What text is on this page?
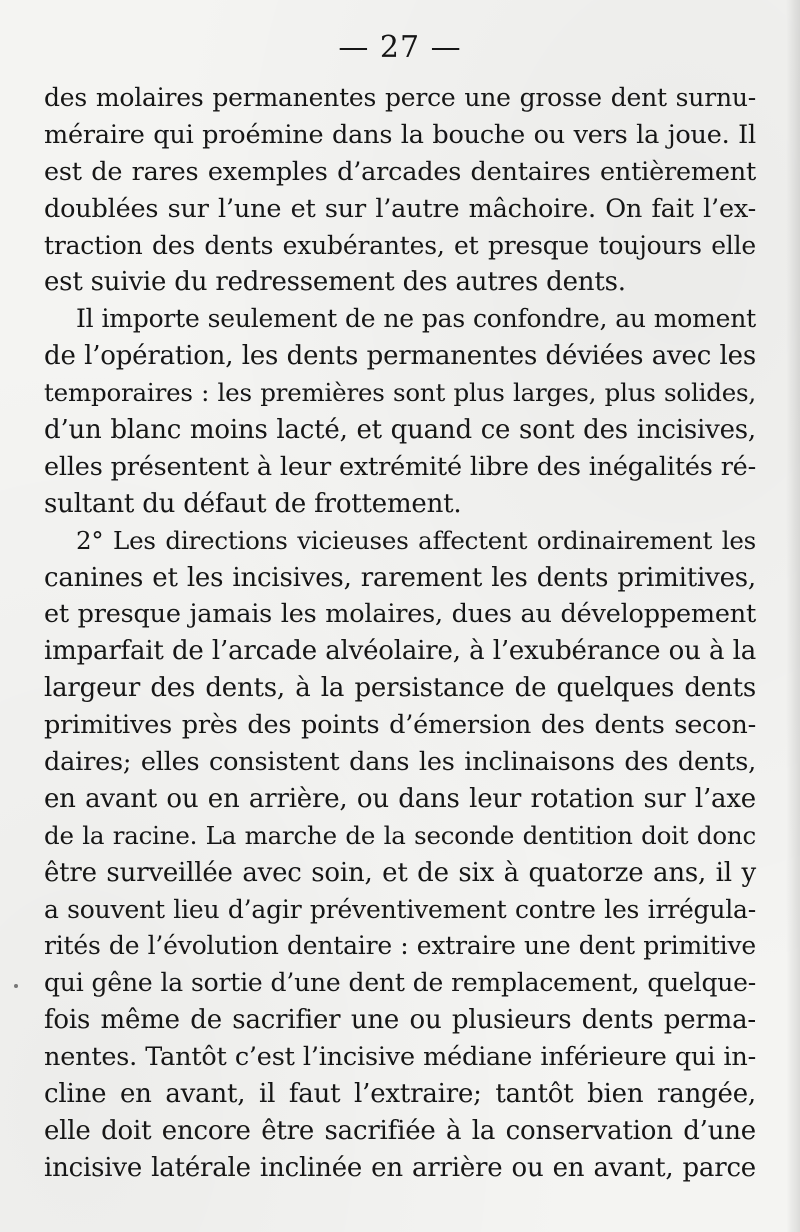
— 27 —
des molaires permanentes perce une grosse dent surnu-
méraire qui proémine dans la bouche ou vers la joue. Il
est de rares exemples d’arcades dentaires entièrement
doublées sur l’une et sur l’autre mâchoire. On fait l’ex-
traction des dents exubérantes, et presque toujours elle
est suivie du redressement des autres dents.
Il importe seulement de ne pas confondre, au moment
de l’opération, les dents permanentes déviées avec les
temporaires : les premières sont plus larges, plus solides,
d’un blanc moins lacté, et quand ce sont des incisives,
elles présentent à leur extrémité libre des inégalités ré-
sultant du défaut de frottement.
2° Les directions vicieuses affectent ordinairement les
canines et les incisives, rarement les dents primitives,
et presque jamais les molaires, dues au développement
imparfait de l’arcade alvéolaire, à l’exubérance ou à la
largeur des dents, à la persistance de quelques dents
primitives près des points d’émersion des dents secon-
daires; elles consistent dans les inclinaisons des dents,
en avant ou en arrière, ou dans leur rotation sur l’axe
de la racine. La marche de la seconde dentition doit donc
être surveillée avec soin, et de six à quatorze ans, il y
a souvent lieu d’agir préventivement contre les irrégula-
rités de l’évolution dentaire : extraire une dent primitive
qui gêne la sortie d’une dent de remplacement, quelque-
fois même de sacrifier une ou plusieurs dents perma-
nentes. Tantôt c’est l’incisive médiane inférieure qui in-
cline en avant, il faut l’extraire; tantôt bien rangée,
elle doit encore être sacrifiée à la conservation d’une
incisive latérale inclinée en arrière ou en avant, parce
